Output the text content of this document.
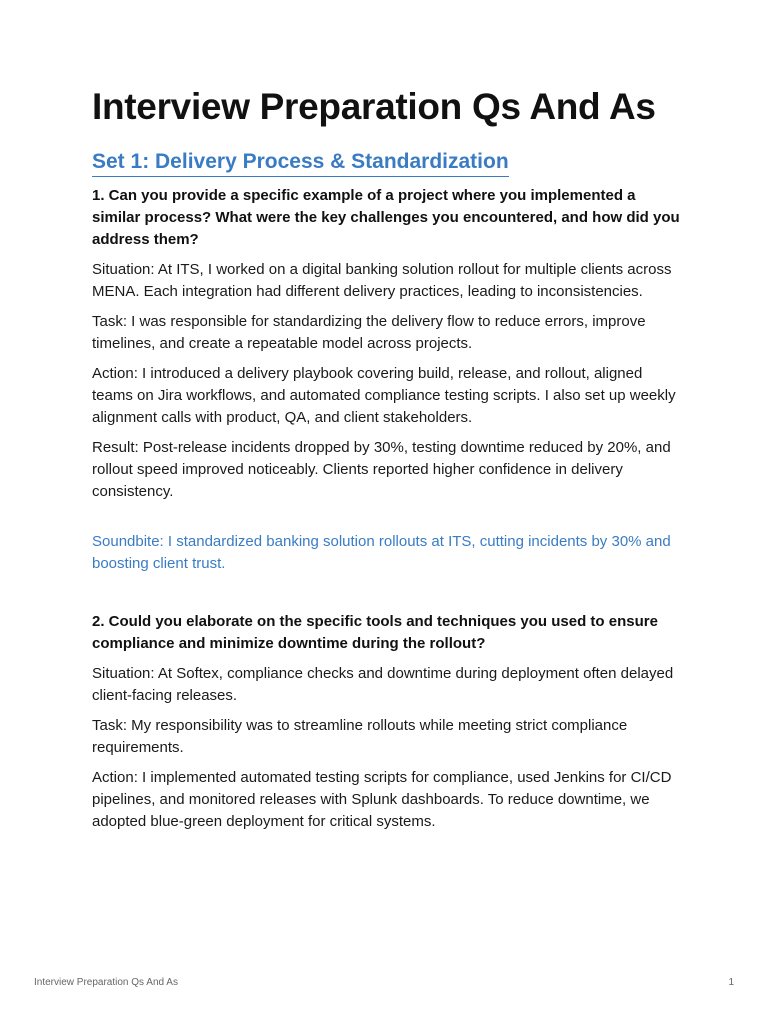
Interview Preparation Qs And As
Set 1: Delivery Process & Standardization

1. Can you provide a specific example of a project where you implemented a similar process? What were the key challenges you encountered, and how did you address them?

Situation: At ITS, I worked on a digital banking solution rollout for multiple clients across MENA. Each integration had different delivery practices, leading to inconsistencies.

Task: I was responsible for standardizing the delivery flow to reduce errors, improve timelines, and create a repeatable model across projects.

Action: I introduced a delivery playbook covering build, release, and rollout, aligned teams on Jira workflows, and automated compliance testing scripts. I also set up weekly alignment calls with product, QA, and client stakeholders.

Result: Post-release incidents dropped by 30%, testing downtime reduced by 20%, and rollout speed improved noticeably. Clients reported higher confidence in delivery consistency.

Soundbite: I standardized banking solution rollouts at ITS, cutting incidents by 30% and boosting client trust.

2. Could you elaborate on the specific tools and techniques you used to ensure compliance and minimize downtime during the rollout?

Situation: At Softex, compliance checks and downtime during deployment often delayed client-facing releases.

Task: My responsibility was to streamline rollouts while meeting strict compliance requirements.

Action: I implemented automated testing scripts for compliance, used Jenkins for CI/CD pipelines, and monitored releases with Splunk dashboards. To reduce downtime, we adopted blue-green deployment for critical systems.

Interview Preparation Qs And As	1
